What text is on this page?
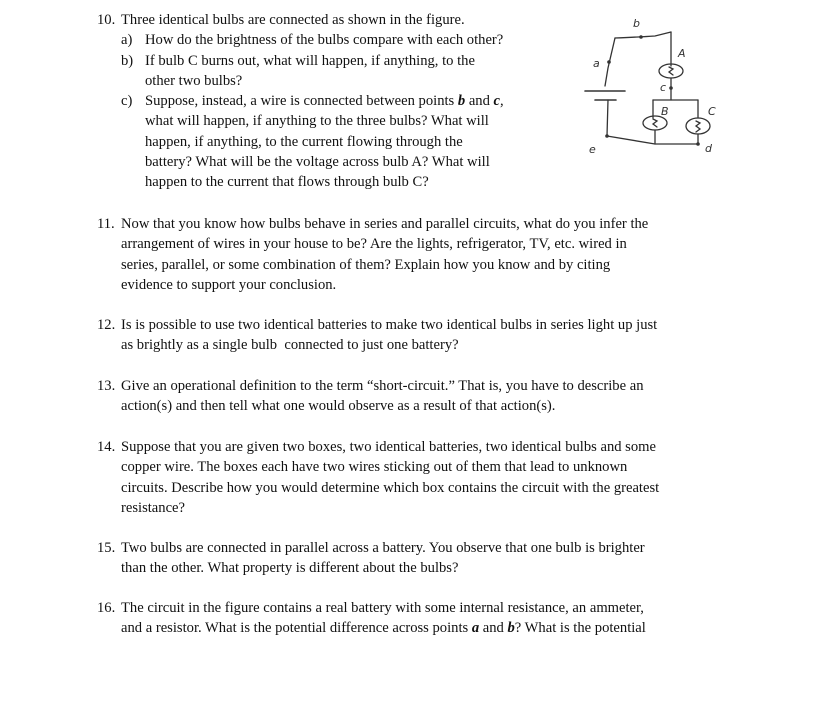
10. Three identical bulbs are connected as shown in the figure.
a) How do the brightness of the bulbs compare with each other?
b) If bulb C burns out, what will happen, if anything, to the
other two bulbs?
c) Suppose, instead, a wire is connected between points b and c,
what will happen, if anything to the three bulbs? What will
happen, if anything, to the current flowing through the
battery? What will be the voltage across bulb A? What will
happen to the current that flows through bulb C?
a
b
c
d
e
A
B	C
11. Now that you know how bulbs behave in series and parallel circuits, what do you infer the
arrangement of wires in your house to be? Are the lights, refrigerator, TV, etc. wired in
series, parallel, or some combination of them? Explain how you know and by citing
evidence to support your conclusion.
12. Is is possible to use two identical batteries to make two identical bulbs in series light up just
as brightly as a single bulb  connected to just one battery?
13. Give an operational definition to the term “short-circuit.” That is, you have to describe an
action(s) and then tell what one would observe as a result of that action(s).
14. Suppose that you are given two boxes, two identical batteries, two identical bulbs and some
copper wire. The boxes each have two wires sticking out of them that lead to unknown
circuits. Describe how you would determine which box contains the circuit with the greatest
resistance?
15. Two bulbs are connected in parallel across a battery. You observe that one bulb is brighter
than the other. What property is different about the bulbs?
16. The circuit in the figure contains a real battery with some internal resistance, an ammeter,
and a resistor. What is the potential difference across points a and b? What is the potential
